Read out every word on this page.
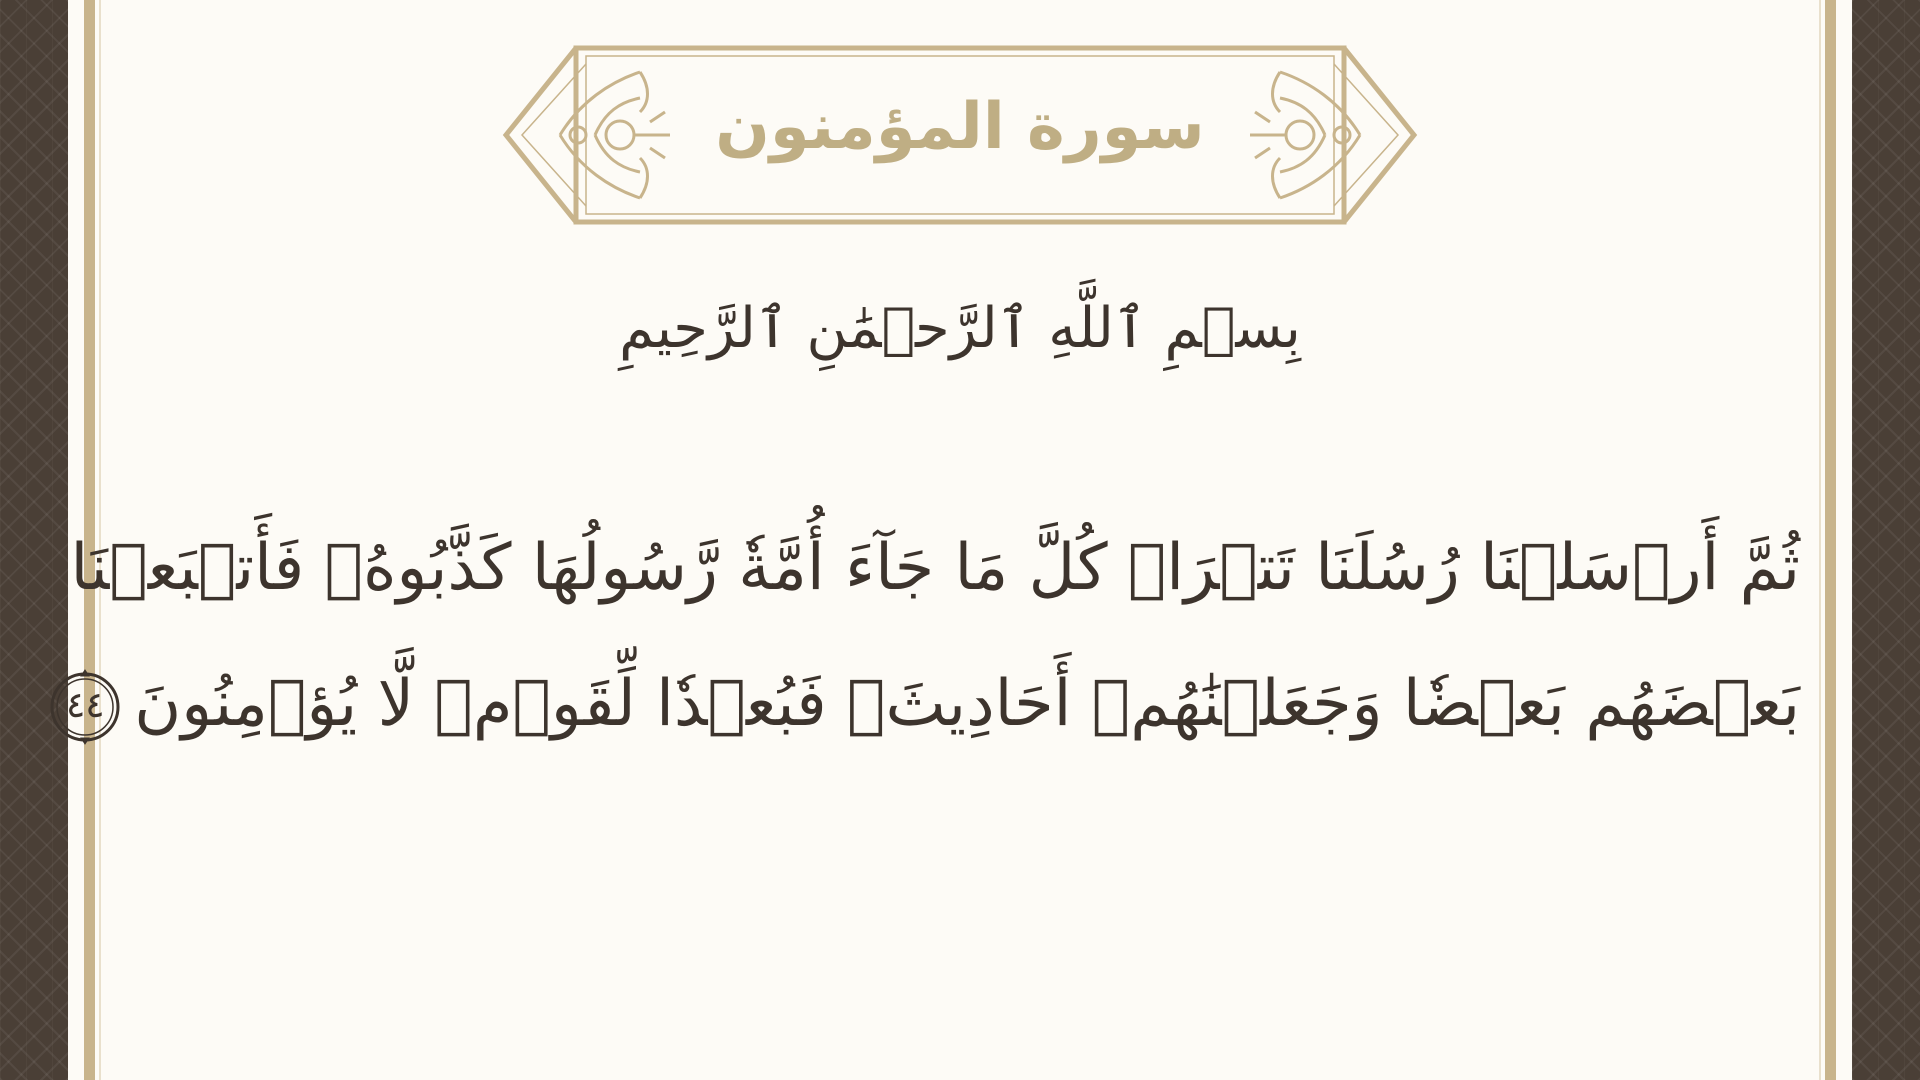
سورة المؤمنون
بِسۡمِ ٱللَّهِ ٱلرَّحۡمَٰنِ ٱلرَّحِيمِ
ثُمَّ أَرۡسَلۡنَا رُسُلَنَا تَتۡرَاۖ كُلَّ مَا جَآءَ أُمَّةٗ رَّسُولُهَا كَذَّبُوهُۚ فَأَتۡبَعۡنَا
بَعۡضَهُم بَعۡضٗا وَجَعَلۡنَٰهُمۡ أَحَادِيثَۚ فَبُعۡدٗا لِّقَوۡمٖ لَّا يُؤۡمِنُونَ
٤٤
